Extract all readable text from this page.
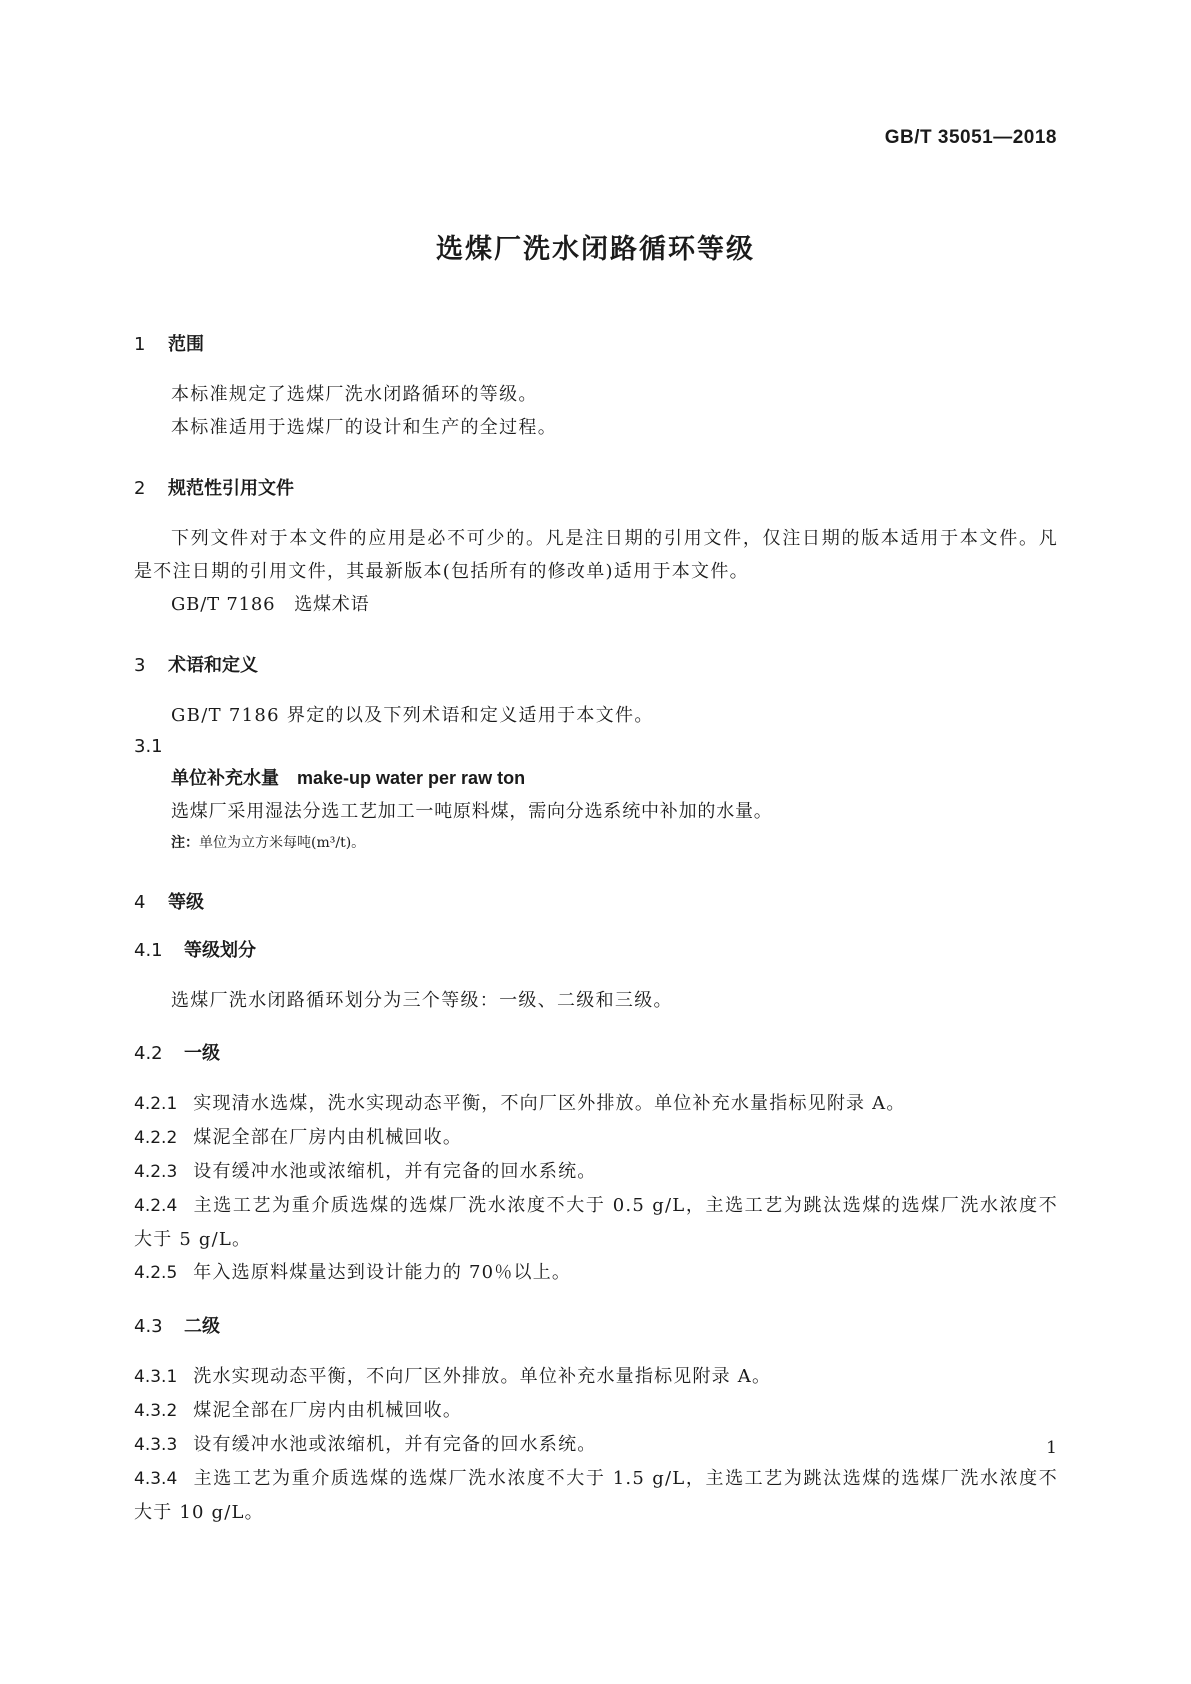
GB/T 35051—2018
选煤厂洗水闭路循环等级
1 范围
本标准规定了选煤厂洗水闭路循环的等级。
本标准适用于选煤厂的设计和生产的全过程。
2 规范性引用文件
下列文件对于本文件的应用是必不可少的。凡是注日期的引用文件，仅注日期的版本适用于本文件。凡是不注日期的引用文件，其最新版本(包括所有的修改单)适用于本文件。
GB/T 7186　选煤术语
3 术语和定义
GB/T 7186 界定的以及下列术语和定义适用于本文件。
3.1
单位补充水量 make-up water per raw ton
选煤厂采用湿法分选工艺加工一吨原料煤，需向分选系统中补加的水量。
注：单位为立方米每吨(m³/t)。
4 等级
4.1 等级划分
选煤厂洗水闭路循环划分为三个等级：一级、二级和三级。
4.2 一级
4.2.1 实现清水选煤，洗水实现动态平衡，不向厂区外排放。单位补充水量指标见附录 A。
4.2.2 煤泥全部在厂房内由机械回收。
4.2.3 设有缓冲水池或浓缩机，并有完备的回水系统。
4.2.4 主选工艺为重介质选煤的选煤厂洗水浓度不大于 0.5 g/L，主选工艺为跳汰选煤的选煤厂洗水浓度不大于 5 g/L。
4.2.5 年入选原料煤量达到设计能力的 70％以上。
4.3 二级
4.3.1 洗水实现动态平衡，不向厂区外排放。单位补充水量指标见附录 A。
4.3.2 煤泥全部在厂房内由机械回收。
4.3.3 设有缓冲水池或浓缩机，并有完备的回水系统。
4.3.4 主选工艺为重介质选煤的选煤厂洗水浓度不大于 1.5 g/L，主选工艺为跳汰选煤的选煤厂洗水浓度不大于 10 g/L。
1
